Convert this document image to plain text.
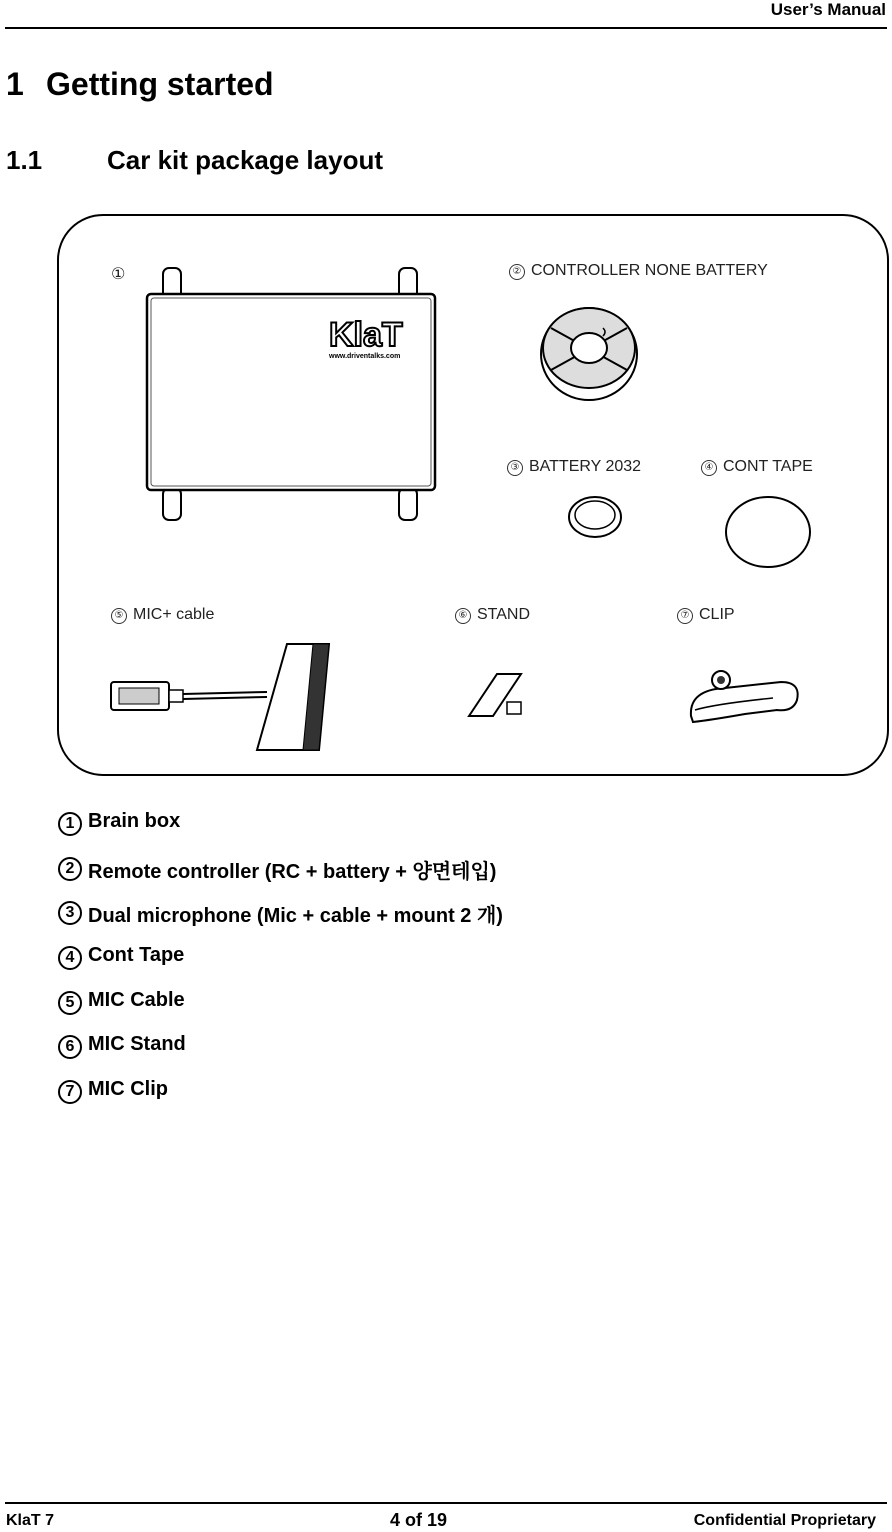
User’s Manual
1 Getting started
1.1 Car kit package layout
①
KlaT
www.driventalks.com
② CONTROLLER NONE BATTERY
③ BATTERY 2032	④ CONT TAPE
⑤ MIC+ cable	⑥ STAND	⑦ CLIP
1 Brain box
2 Remote controller (RC + battery + 양면테입)
3 Dual microphone (Mic + cable + mount 2 개)
4 Cont Tape
5 MIC Cable
6 MIC Stand
7 MIC Clip
KlaT 7	4 of 19	Confidential Proprietary
